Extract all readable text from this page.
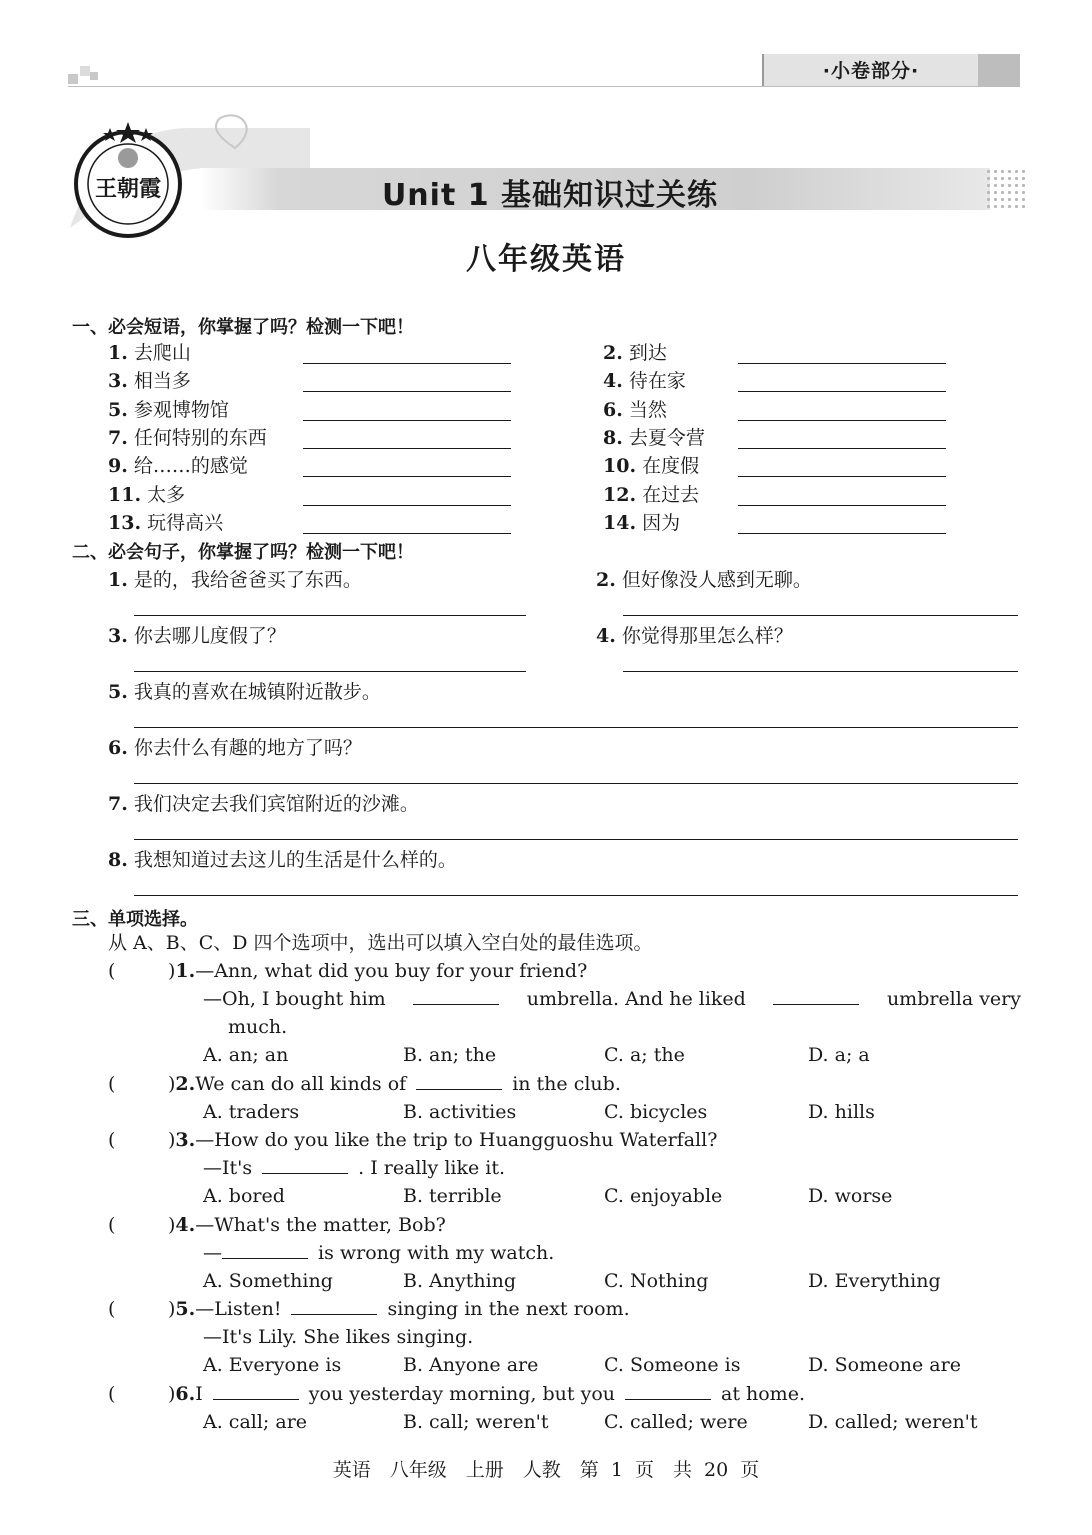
·小卷部分·
王朝霞	Unit 1 基础知识过关练
八年级英语
一、必会短语，你掌握了吗？检测一下吧！
1. 去爬山	2. 到达
3. 相当多	4. 待在家
5. 参观博物馆	6. 当然
7. 任何特别的东西	8. 去夏令营
9. 给……的感觉	10. 在度假
11. 太多	12. 在过去
13. 玩得高兴	14. 因为
二、必会句子，你掌握了吗？检测一下吧！
1. 是的，我给爸爸买了东西。	2. 但好像没人感到无聊。
3. 你去哪儿度假了？	4. 你觉得那里怎么样？
5. 我真的喜欢在城镇附近散步。
6. 你去什么有趣的地方了吗？
7. 我们决定去我们宾馆附近的沙滩。
8. 我想知道过去这儿的生活是什么样的。
三、单项选择。
从 A、B、C、D 四个选项中，选出可以填入空白处的最佳选项。
(	)1.—Ann, what did you buy for your friend?
—Oh, I bought him	umbrella. And he liked	umbrella very
much.
A. an; an	B. an; the	C. a; the	D. a; a
(	)2.We can do all kinds of	in the club.
A. traders	B. activities	C. bicycles	D. hills
(	)3.—How do you like the trip to Huangguoshu Waterfall?
—It's	. I really like it.
A. bored	B. terrible	C. enjoyable	D. worse
(	)4.—What's the matter, Bob?
—	is wrong with my watch.
A. Something	B. Anything	C. Nothing	D. Everything
(	)5.—Listen!	singing in the next room.
—It's Lily. She likes singing.
A. Everyone is	B. Anyone are	C. Someone is	D. Someone are
(	)6.I	you yesterday morning, but you	at home.
A. call; are	B. call; weren't	C. called; were	D. called; weren't
英语　八年级　上册　人教　第 1 页　共 20 页
